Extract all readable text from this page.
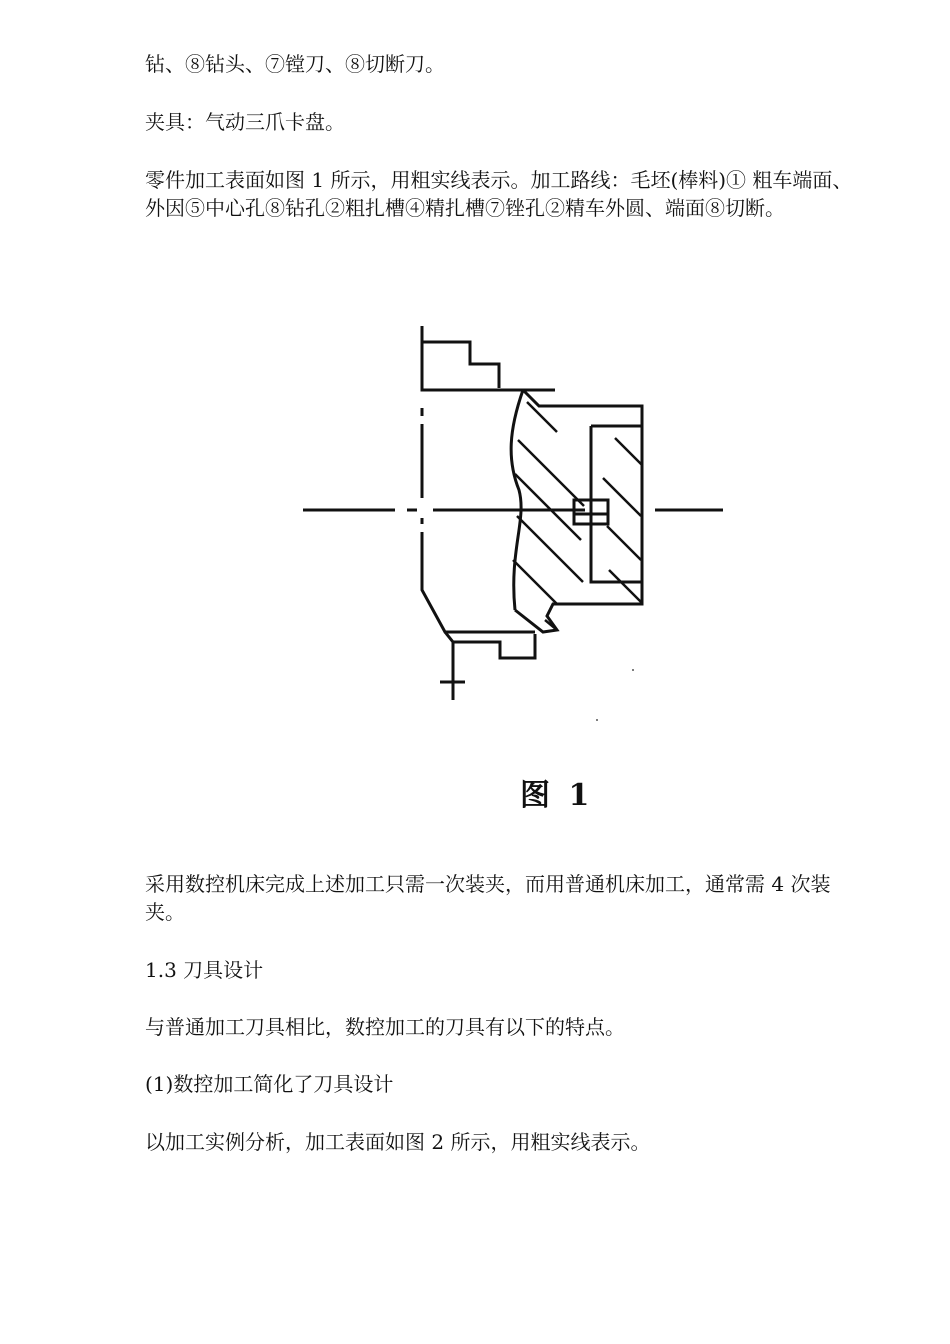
钻、⑧钻头、⑦镗刀、⑧切断刀。

夹具：气动三爪卡盘。

零件加工表面如图 1 所示，用粗实线表示。加工路线：毛坯(棒料)① 粗车端面、外因⑤中心孔⑧钻孔②粗扎槽④精扎槽⑦锉孔②精车外圆、端面⑧切断。

图 1

采用数控机床完成上述加工只需一次装夹，而用普通机床加工，通常需 4 次装夹。

1.3 刀具设计

与普通加工刀具相比，数控加工的刀具有以下的特点。

(1)数控加工简化了刀具设计

以加工实例分析，加工表面如图 2 所示，用粗实线表示。
